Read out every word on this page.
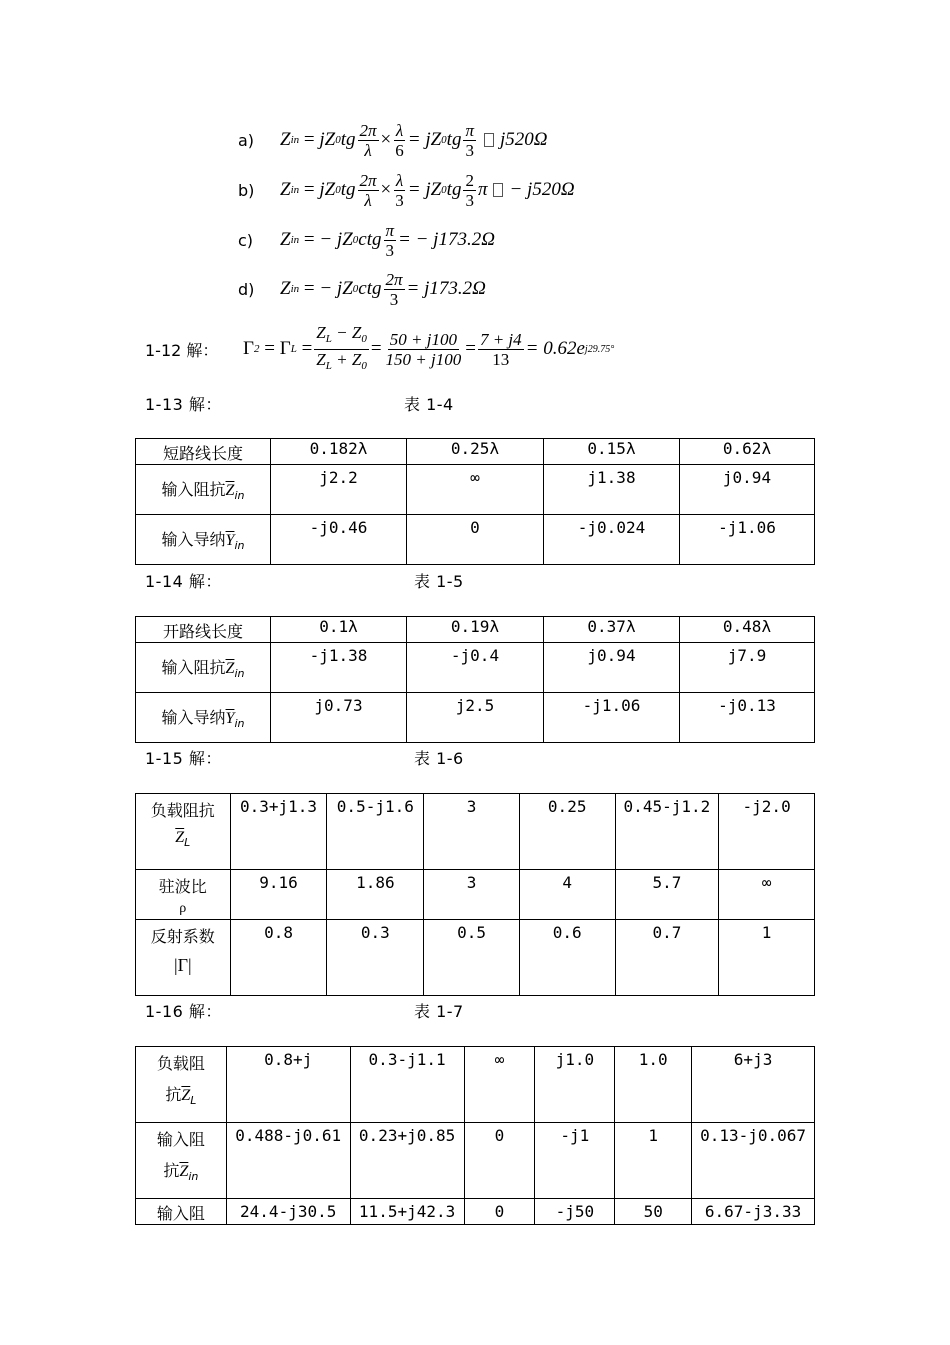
a)	Z in = jZ 0 tg $\frac{2\pi}{\lambda} \times \frac{\lambda}{6}$ = jZ 0 tg $\frac{\pi}{3} j520\Omega$
b)	Z in = jZ 0 tg $\frac{2\pi}{\lambda} \times \frac{\lambda}{3}$ = jZ 0 tg $\frac{2}{3}$ π − j520Ω
c)	Z in = − jZ 0 ctg $\frac{\pi}{3}$ = − j173.2Ω
d)	Z in = − jZ 0 ctg $\frac{2\pi}{3} = j173.2\Omega$
1-12 解：	Γ 2
= Γ $L = \frac{Z_L - Z_0}{Z_L + Z_0} = \frac{50 + j100}{150 + j100} = \frac{7 + j4}{13} = 0.62e$ j29.75°
1-13 解：	表 1-4
短路线长度	0.182λ	0.25λ	0.15λ	0.62λ
输入阻抗$\overline{Z}_{in}$	j2.2	∞	j1.38	j0.94

输入导纳$\overline{Y}_{in}$	-j0.46	0	-j0.024	-j1.06
1-14 解：	表 1-5
开路线长度	0.1λ	0.19λ	0.37λ	0.48λ
输入阻抗$\overline{Z}_{in}$	-j1.38	-j0.4	j0.94	j7.9

输入导纳$\overline{Y}_{in}$	j0.73	j2.5	-j1.06	-j0.13
1-15 解：	表 1-6
负载阻抗
$\overline{Z}_L$	0.3+j1.3	0.5-j1.6	3	0.25	0.45-j1.2	-j2.0

驻波比
ρ	9.16	1.86	3	4	5.7	∞

反射系数
|Γ|	0.8	0.3	0.5	0.6	0.7	1
1-16 解：	表 1-7
负载阻
抗$\overline{Z}_L$	0.8+j	0.3-j1.1	∞	j1.0	1.0	6+j3

输入阻
抗$\overline{Z}_{in}$	0.488-j0.61	0.23+j0.85	0	-j1	1	0.13-j0.067

输入阻	24.4-j30.5	11.5+j42.3	0	-j50	50	6.67-j3.33
